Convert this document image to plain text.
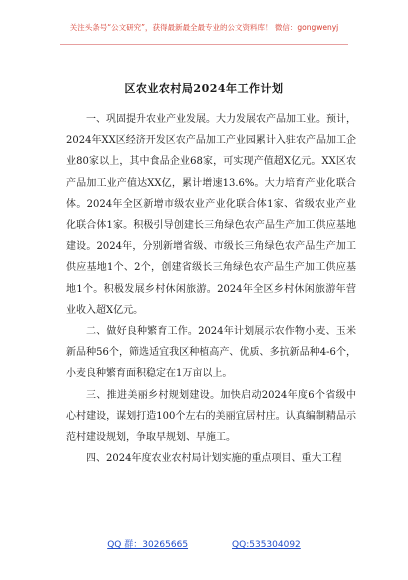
关注头条号“公文研究”，获得最新最全最专业的公文资料库！ 微信：gongwenyj
区农业农村局2024年工作计划

一、巩固提升农业产业发展。大力发展农产品加工业。预计，2024年XX区经济开发区农产品加工产业园累计入驻农产品加工企业80家以上，其中食品企业68家，可实现产值超X亿元。XX区农产品加工业产值达XX亿，累计增速13.6%。大力培育产业化联合体。2024年全区新增市级农业产业化联合体1家、省级农业产业化联合体1家。积极引导创建长三角绿色农产品生产加工供应基地建设。2024年，分别新增省级、市级长三角绿色农产品生产加工供应基地1个、2个，创建省级长三角绿色农产品生产加工供应基地1个。积极发展乡村休闲旅游。2024年全区乡村休闲旅游年营业收入超X亿元。

二、做好良种繁育工作。2024年计划展示农作物小麦、玉米新品种56个，筛选适宜我区种植高产、优质、多抗新品种4-6个，小麦良种繁育面积稳定在1万亩以上。

三、推进美丽乡村规划建设。加快启动2024年度6个省级中心村建设，谋划打造100个左右的美丽宜居村庄。认真编制精品示范村建设规划，争取早规划、早施工。

四、2024年度农业农村局计划实施的重点项目、重大工程

QQ 群：30265665	QQ:535304092
